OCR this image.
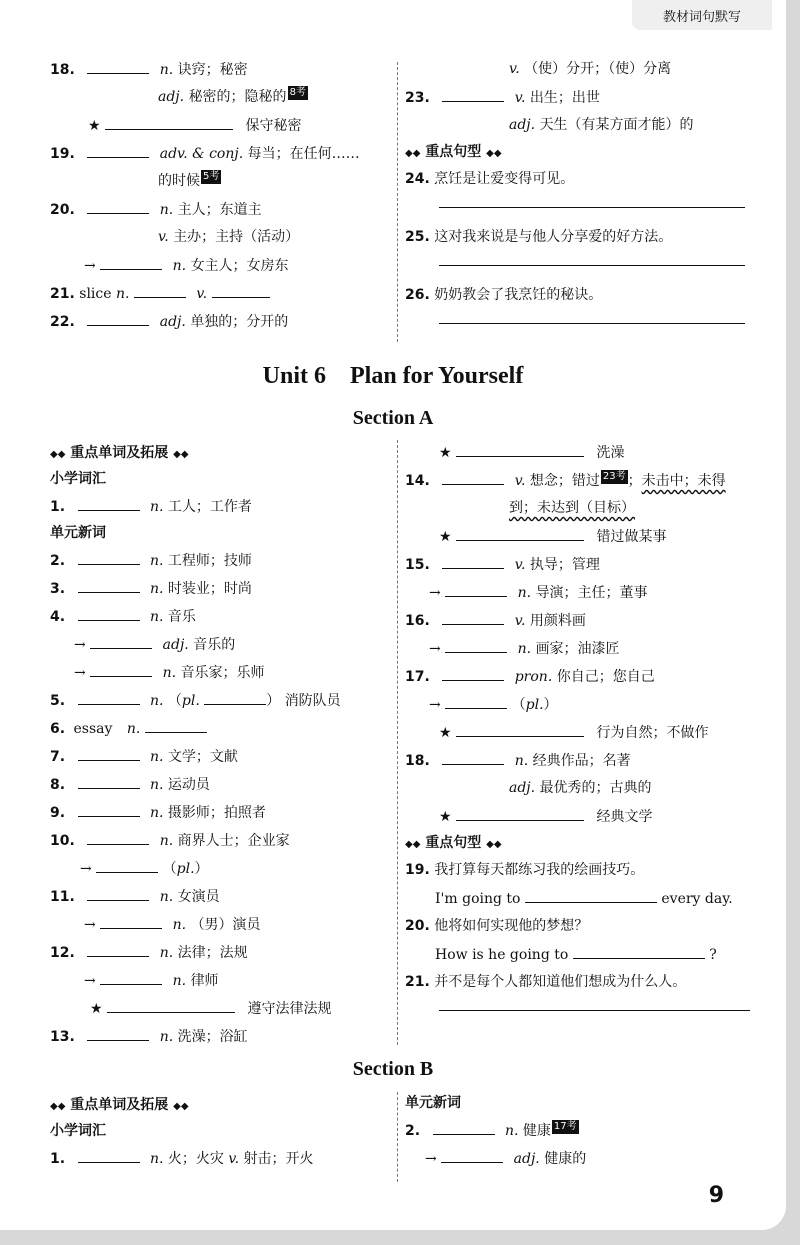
教材词句默写
18.	n. 诀窍；秘密
adj. 秘密的；隐秘的 8考
★	保守秘密
19.	adv. & conj. 每当；在任何……
的时候 5考
20.	n. 主人；东道主
v. 主办；主持（活动）
→	n. 女主人；女房东
21. slice n.	v.
22.	adj. 单独的；分开的
v. （使）分开；（使）分离
23.	v. 出生；出世
adj. 天生（有某方面才能）的
◆◆ 重点句型 ◆◆
24. 烹饪是让爱变得可见。
25. 这对我来说是与他人分享爱的好方法。
26. 奶奶教会了我烹饪的秘诀。
Unit 6　Plan for Yourself
Section A
◆◆ 重点单词及拓展 ◆◆
小学词汇
1.	n. 工人；工作者
单元新词
2.	n. 工程师；技师
3.	n. 时装业；时尚
4.	n. 音乐
→	adj. 音乐的
→	n. 音乐家；乐师
5.	n. （pl.	） 消防队员
6. essay n.
7.	n. 文学；文献
8.	n. 运动员
9.	n. 摄影师；拍照者
10.	n. 商界人士；企业家
→	（pl.）
11.	n. 女演员
→	n. （男）演员
12.	n. 法律；法规
→	n. 律师
★	遵守法律法规
13.	n. 洗澡；浴缸
★	洗澡
14.	v. 想念；错过 23考 ；未击中；未得
到；未达到（目标）
★	错过做某事
15.	v. 执导；管理
→	n. 导演；主任；董事
16.	v. 用颜料画
→	n. 画家；油漆匠
17.	pron. 你自己；您自己
→	（pl.）
★	行为自然；不做作
18.	n. 经典作品；名著
adj. 最优秀的；古典的
★	经典文学
◆◆ 重点句型 ◆◆
19. 我打算每天都练习我的绘画技巧。
I'm going to	every day.
20. 他将如何实现他的梦想？
How is he going to	?
21. 并不是每个人都知道他们想成为什么人。
Section B
◆◆ 重点单词及拓展 ◆◆
小学词汇
1.	n. 火；火灾 v. 射击；开火
单元新词
2.	n. 健康 17考
→	adj. 健康的
9
